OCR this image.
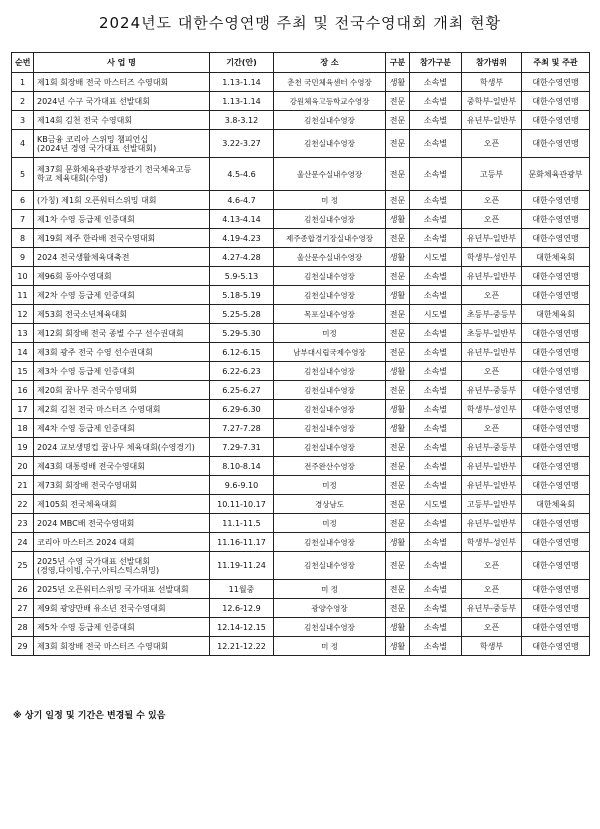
2024년도 대한수영연맹 주최 및 전국수영대회 개최 현황
순번	사 업 명	기간(안)	장 소	구분	참가구분	참가범위	주최 및 주관
1	제1회 회장배 전국 마스터즈 수영대회	1.13-1.14	춘천 국민체육센터 수영장	생활	소속별	학생부	대한수영연맹
2	2024년 수구 국가대표 선발대회	1.13-1.14	강원체육고등학교수영장	전문	소속별	중학부-일반부	대한수영연맹
3	제14회 김천 전국 수영대회	3.8-3.12	김천실내수영장	전문	소속별	유년부-일반부	대한수영연맹
4	KB금융 코리아 스위밍 챔피언십
(2024년 경영 국가대표 선발대회)	3.22-3.27	김천실내수영장	전문	소속별	오픈	대한수영연맹
5	제37회 문화체육관광부장관기 전국체육고등
학교 체육대회(수영)	4.5-4.6	울산문수실내수영장	전문	소속별	고등부	문화체육관광부
6	(가칭) 제1회 오픈워터스위밍 대회	4.6-4.7	미 정	전문	소속별	오픈	대한수영연맹
7	제1차 수영 등급제 인증대회	4.13-4.14	김천실내수영장	생활	소속별	오픈	대한수영연맹
8	제19회 제주 한라배 전국수영대회	4.19-4.23	제주종합경기장실내수영장	전문	소속별	유년부-일반부	대한수영연맹
9	2024 전국생활체육대축전	4.27-4.28	울산문수실내수영장	생활	시도별	학생부-성인부	대한체육회
10	제96회 동아수영대회	5.9-5.13	김천실내수영장	전문	소속별	유년부-일반부	대한수영연맹
11	제2차 수영 등급제 인증대회	5.18-5.19	김천실내수영장	생활	소속별	오픈	대한수영연맹
12	제53회 전국소년체육대회	5.25-5.28	목포실내수영장	전문	시도별	초등부-중등부	대한체육회
13	제12회 회장배 전국 종별 수구 선수권대회	5.29-5.30	미정	전문	소속별	초등부-일반부	대한수영연맹
14	제3회 광주 전국 수영 선수권대회	6.12-6.15	남부대시립국제수영장	전문	소속별	유년부-일반부	대한수영연맹
15	제3차 수영 등급제 인증대회	6.22-6.23	김천실내수영장	생활	소속별	오픈	대한수영연맹
16	제20회 꿈나무 전국수영대회	6.25-6.27	김천실내수영장	전문	소속별	유년부-중등부	대한수영연맹
17	제2회 김천 전국 마스터즈 수영대회	6.29-6.30	김천실내수영장	생활	소속별	학생부-성인부	대한수영연맹
18	제4차 수영 등급제 인증대회	7.27-7.28	김천실내수영장	생활	소속별	오픈	대한수영연맹
19	2024 교보생명컵 꿈나무 체육대회(수영경기)	7.29-7.31	김천실내수영장	전문	소속별	유년부-중등부	대한수영연맹
20	제43회 대통령배 전국수영대회	8.10-8.14	전주완산수영장	전문	소속별	유년부-일반부	대한수영연맹
21	제73회 회장배 전국수영대회	9.6-9.10	미정	전문	소속별	유년부-일반부	대한수영연맹
22	제105회 전국체육대회	10.11-10.17	경상남도	전문	시도별	고등부-일반부	대한체육회
23	2024 MBC배 전국수영대회	11.1-11.5	미정	전문	소속별	유년부-일반부	대한수영연맹
24	코리아 마스터즈 2024 대회	11.16-11.17	김천실내수영장	생활	소속별	학생부-성인부	대한수영연맹
25	2025년 수영 국가대표 선발대회
(경영,다이빙,수구,아티스틱스위밍)	11.19-11.24	김천실내수영장	전문	소속별	오픈	대한수영연맹
26	2025년 오픈워터스위밍 국가대표 선발대회	11월중	미 정	전문	소속별	오픈	대한수영연맹
27	제9회 광양만배 유소년 전국수영대회	12.6-12.9	광양수영장	전문	소속별	유년부-중등부	대한수영연맹
28	제5차 수영 등급제 인증대회	12.14-12.15	김천실내수영장	생활	소속별	오픈	대한수영연맹
29	제3회 회장배 전국 마스터즈 수영대회	12.21-12.22	미 정	생활	소속별	학생부	대한수영연맹
※ 상기 일정 및 기간은 변경될 수 있음
